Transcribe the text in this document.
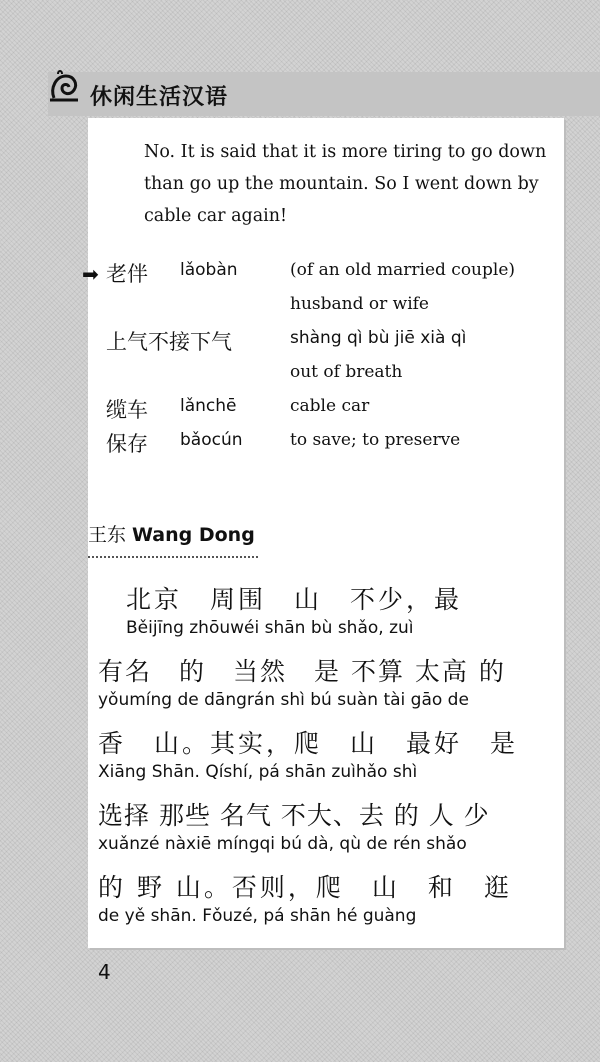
休闲生活汉语
No. It is said that it is more tiring to go down than go up the mountain. So I went down by cable car again!
➡ 老伴 lǎobàn	(of an old married couple)
husband or wife
上气不接下气	shàng qì bù jiē xià qì
out of breath
缆车 lǎnchē	cable car
保存 bǎocún	to save; to preserve
王东 Wang Dong
北京　周围　山　不少，最
Běijīng zhōuwéi shān bù shǎo, zuì
有名　的　当然　是 不算 太高 的
yǒumíng de dāngrán shì bú suàn tài gāo de
香　山。其实，爬　山　最好　是
Xiāng Shān. Qíshí, pá shān zuìhǎo shì
选择 那些 名气 不大、去 的 人 少
xuǎnzé nàxiē míngqi bú dà, qù de rén shǎo
的 野 山。否则，爬　山　和　逛
de yě shān. Fǒuzé, pá shān hé guàng
4
